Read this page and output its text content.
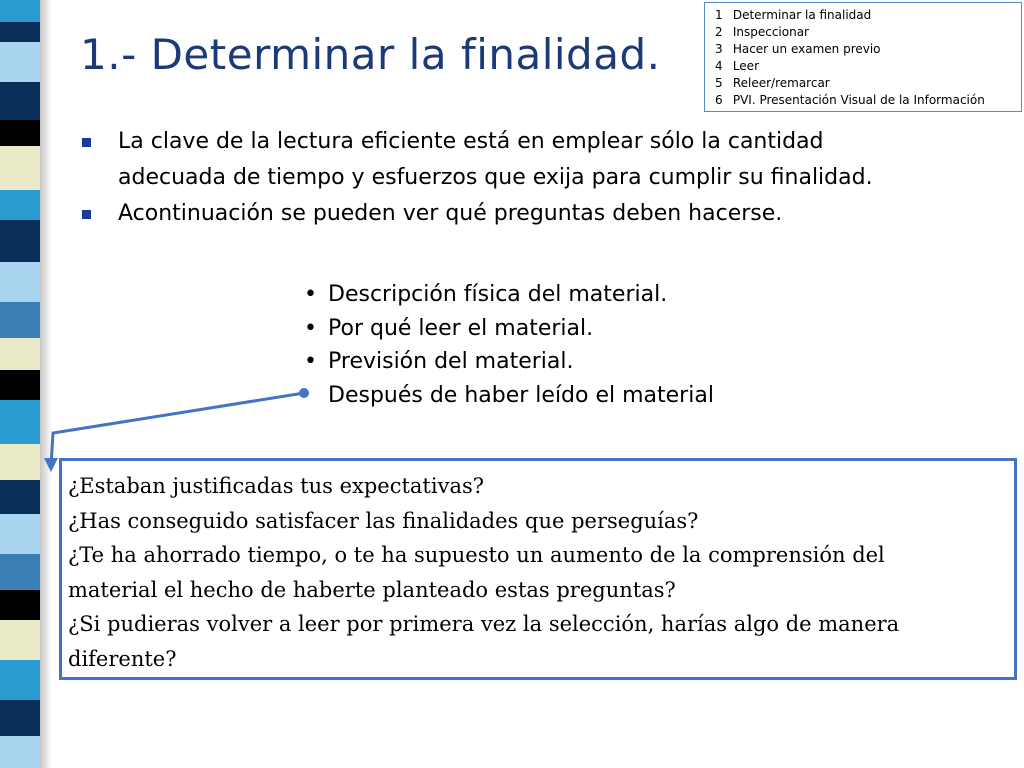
1.- Determinar la finalidad.
1 Determinar la finalidad
2 Inspeccionar
3 Hacer un examen previo
4 Leer
5 Releer/remarcar
6 PVI. Presentación Visual de la Información
La clave de la lectura eficiente está en emplear sólo la cantidad
adecuada de tiempo y esfuerzos que exija para cumplir su finalidad.
Acontinuación se pueden ver qué preguntas deben hacerse.
• Descripción física del material.
• Por qué leer el material.
• Previsión del material.
Después de haber leído el material
¿Estaban justificadas tus expectativas?
¿Has conseguido satisfacer las finalidades que perseguías?
¿Te ha ahorrado tiempo, o te ha supuesto un aumento de la comprensión del
material el hecho de haberte planteado estas preguntas?
¿Si pudieras volver a leer por primera vez la selección, harías algo de manera
diferente?
